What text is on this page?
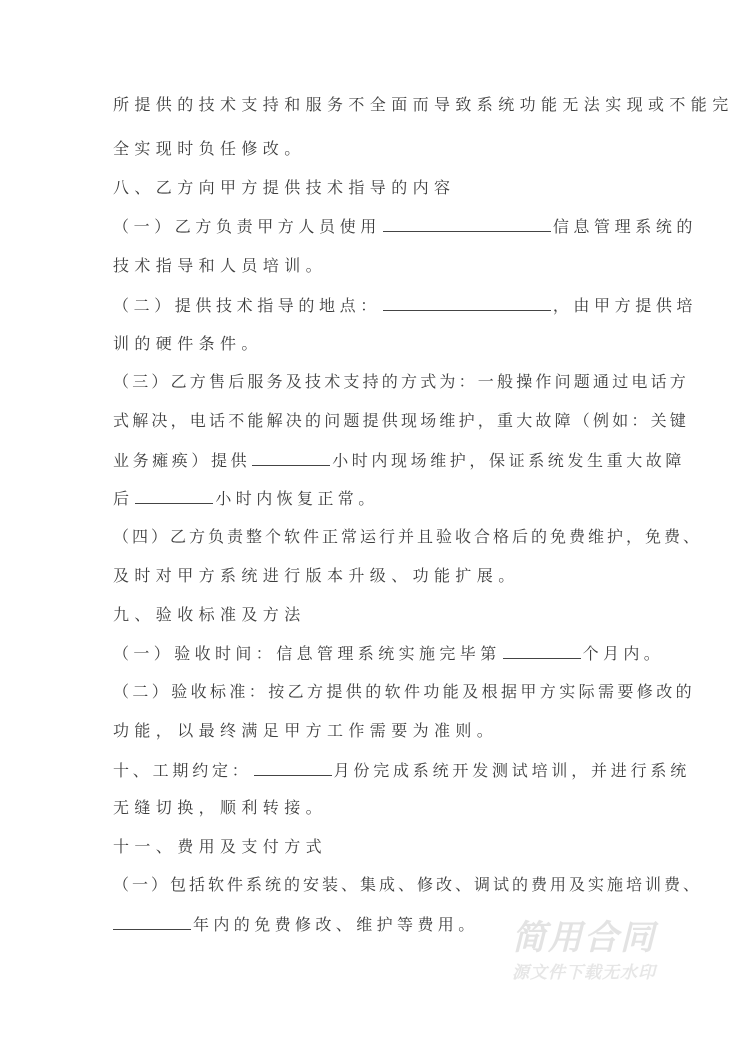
所提供的技术支持和服务不全面而导致系统功能无法实现或不能完
全实现时负任修改。
八、乙方向甲方提供技术指导的内容
（一）乙方负责甲方人员使用	信息管理系统的
技术指导和人员培训。
（二）提供技术指导的地点：	，由甲方提供培
训的硬件条件。
（三）乙方售后服务及技术支持的方式为：一般操作问题通过电话方
式解决，电话不能解决的问题提供现场维护，重大故障（例如：关键
业务瘫痪）提供	小时内现场维护，保证系统发生重大故障
后	小时内恢复正常。
（四）乙方负责整个软件正常运行并且验收合格后的免费维护，免费、
及时对甲方系统进行版本升级、功能扩展。
九、验收标准及方法
（一）验收时间：信息管理系统实施完毕第	个月内。
（二）验收标准：按乙方提供的软件功能及根据甲方实际需要修改的
功能，以最终满足甲方工作需要为准则。
十、工期约定：	月份完成系统开发测试培训，并进行系统
无缝切换，顺利转接。
十一、费用及支付方式
（一）包括软件系统的安装、集成、修改、调试的费用及实施培训费、
年内的免费修改、维护等费用。 简用合同
源文件下载无水印
